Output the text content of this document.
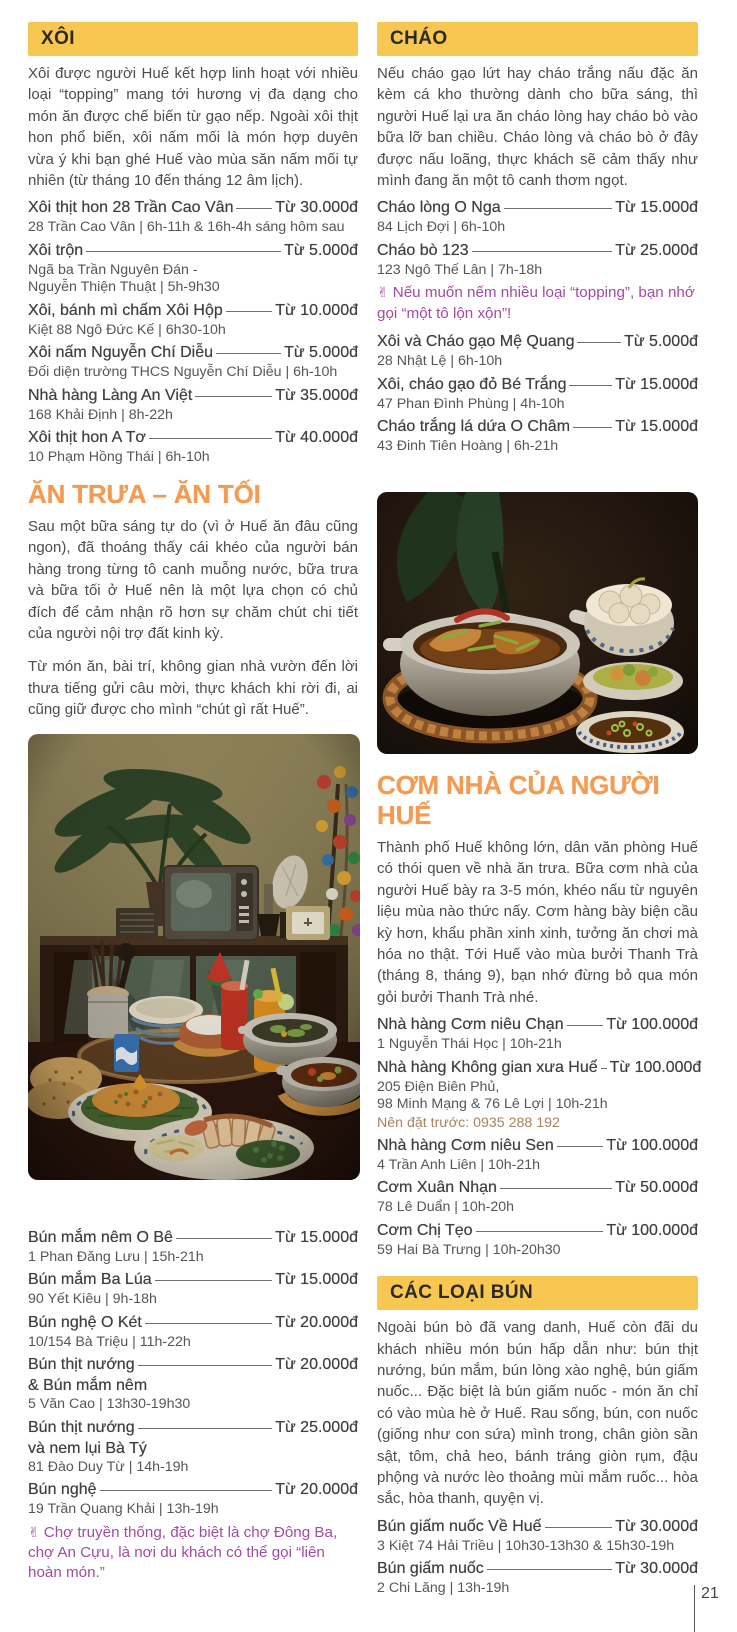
XÔI

Xôi được người Huế kết hợp linh hoạt với nhiều loại “topping” mang tới hương vị đa dạng cho món ăn được chế biến từ gạo nếp. Ngoài xôi thịt hon phổ biến, xôi nấm mối là món hợp duyên vừa ý khi bạn ghé Huế vào mùa săn nấm mối tự nhiên (từ tháng 10 đến tháng 12 âm lịch).

Xôi thịt hon 28 Trần Cao Vân	Từ 30.000đ
28 Trần Cao Vân | 6h-11h & 16h-4h sáng hôm sau
Xôi trộn	Từ 5.000đ
Ngã ba Trần Nguyên Đán -
Nguyễn Thiện Thuật | 5h-9h30
Xôi, bánh mì chấm Xôi Hộp	Từ 10.000đ
Kiệt 88 Ngô Đức Kế | 6h30-10h
Xôi nấm Nguyễn Chí Diễu	Từ 5.000đ
Đối diện trường THCS Nguyễn Chí Diễu | 6h-10h
Nhà hàng Làng An Việt	Từ 35.000đ
168 Khải Định | 8h-22h
Xôi thịt hon A Tơ	Từ 40.000đ
10 Phạm Hồng Thái | 6h-10h
ĂN TRƯA – ĂN TỐI

Sau một bữa sáng tự do (vì ở Huế ăn đâu cũng ngon), đã thoáng thấy cái khéo của người bán hàng trong từng tô canh muỗng nước, bữa trưa và bữa tối ở Huế nên là một lựa chọn có chủ đích để cảm nhận rõ hơn sự chăm chút chi tiết của người nội trợ đất kinh kỳ.

Từ món ăn, bài trí, không gian nhà vườn đến lời thưa tiếng gửi câu mời, thực khách khi rời đi, ai cũng giữ được cho mình “chút gì rất Huế”.

Bún mắm nêm O Bê	Từ 15.000đ
1 Phan Đăng Lưu | 15h-21h
Bún mắm Ba Lúa	Từ 15.000đ
90 Yết Kiêu | 9h-18h
Bún nghệ O Két	Từ 20.000đ
10/154 Bà Triệu | 11h-22h
Bún thịt nướng	Từ 20.000đ
& Bún mắm nêm
5 Văn Cao | 13h30-19h30
Bún thịt nướng	Từ 25.000đ
và nem lụi Bà Tý
81 Đào Duy Từ | 14h-19h
Bún nghệ	Từ 20.000đ
19 Trần Quang Khải | 13h-19h
✌ Chợ truyền thống, đặc biệt là chợ Đông Ba, chợ An Cựu, là nơi du khách có thể gọi “liên hoàn món.”
CHÁO

Nếu cháo gạo lứt hay cháo trắng nấu đặc ăn kèm cá kho thường dành cho bữa sáng, thì người Huế lại ưa ăn cháo lòng hay cháo bò vào bữa lỡ ban chiều. Cháo lòng và cháo bò ở đây được nấu loãng, thực khách sẽ cảm thấy như mình đang ăn một tô canh thơm ngọt.

Cháo lòng O Nga	Từ 15.000đ
84 Lịch Đợi | 6h-10h
Cháo bò 123	Từ 25.000đ
123 Ngô Thế Lân | 7h-18h
✌ Nếu muốn nếm nhiều loại “topping”, bạn nhớ gọi “một tô lộn xộn”!
Xôi và Cháo gạo Mệ Quang	Từ 5.000đ
28 Nhật Lệ | 6h-10h
Xôi, cháo gạo đỏ Bé Trắng	Từ 15.000đ
47 Phan Đình Phùng | 4h-10h
Cháo trắng lá dứa O Châm	Từ 15.000đ
43 Đinh Tiên Hoàng | 6h-21h
CƠM NHÀ CỦA NGƯỜI HUẾ

Thành phố Huế không lớn, dân văn phòng Huế có thói quen về nhà ăn trưa. Bữa cơm nhà của người Huế bày ra 3-5 món, khéo nấu từ nguyên liệu mùa nào thức nấy. Cơm hàng bày biện cầu kỳ hơn, khẩu phần xinh xinh, tưởng ăn chơi mà hóa no thật. Tới Huế vào mùa bưởi Thanh Trà (tháng 8, tháng 9), bạn nhớ đừng bỏ qua món gỏi bưởi Thanh Trà nhé.

Nhà hàng Cơm niêu Chạn	Từ 100.000đ
1 Nguyễn Thái Học | 10h-21h
Nhà hàng Không gian xưa Huế Từ 100.000đ
205 Điện Biên Phủ,
98 Minh Mạng & 76 Lê Lợi | 10h-21h
Nên đặt trước: 0935 288 192
Nhà hàng Cơm niêu Sen	Từ 100.000đ
4 Trần Anh Liên | 10h-21h
Cơm Xuân Nhạn	Từ 50.000đ
78 Lê Duẩn | 10h-20h
Cơm Chị Tẹo	Từ 100.000đ
59 Hai Bà Trưng | 10h-20h30
CÁC LOẠI BÚN

Ngoài bún bò đã vang danh, Huế còn đãi du khách nhiều món bún hấp dẫn như: bún thịt nướng, bún mắm, bún lòng xào nghệ, bún giấm nuốc... Đặc biệt là bún giấm nuốc - món ăn chỉ có vào mùa hè ở Huế. Rau sống, bún, con nuốc (giống như con sứa) mình trong, chân giòn sần sật, tôm, chả heo, bánh tráng giòn rụm, đậu phộng và nước lèo thoảng mùi mắm ruốc... hòa sắc, hòa thanh, quyện vị.

Bún giấm nuốc Về Huế	Từ 30.000đ
3 Kiệt 74 Hải Triều | 10h30-13h30 & 15h30-19h
Bún giấm nuốc	Từ 30.000đ
2 Chi Lăng | 13h-19h	21
